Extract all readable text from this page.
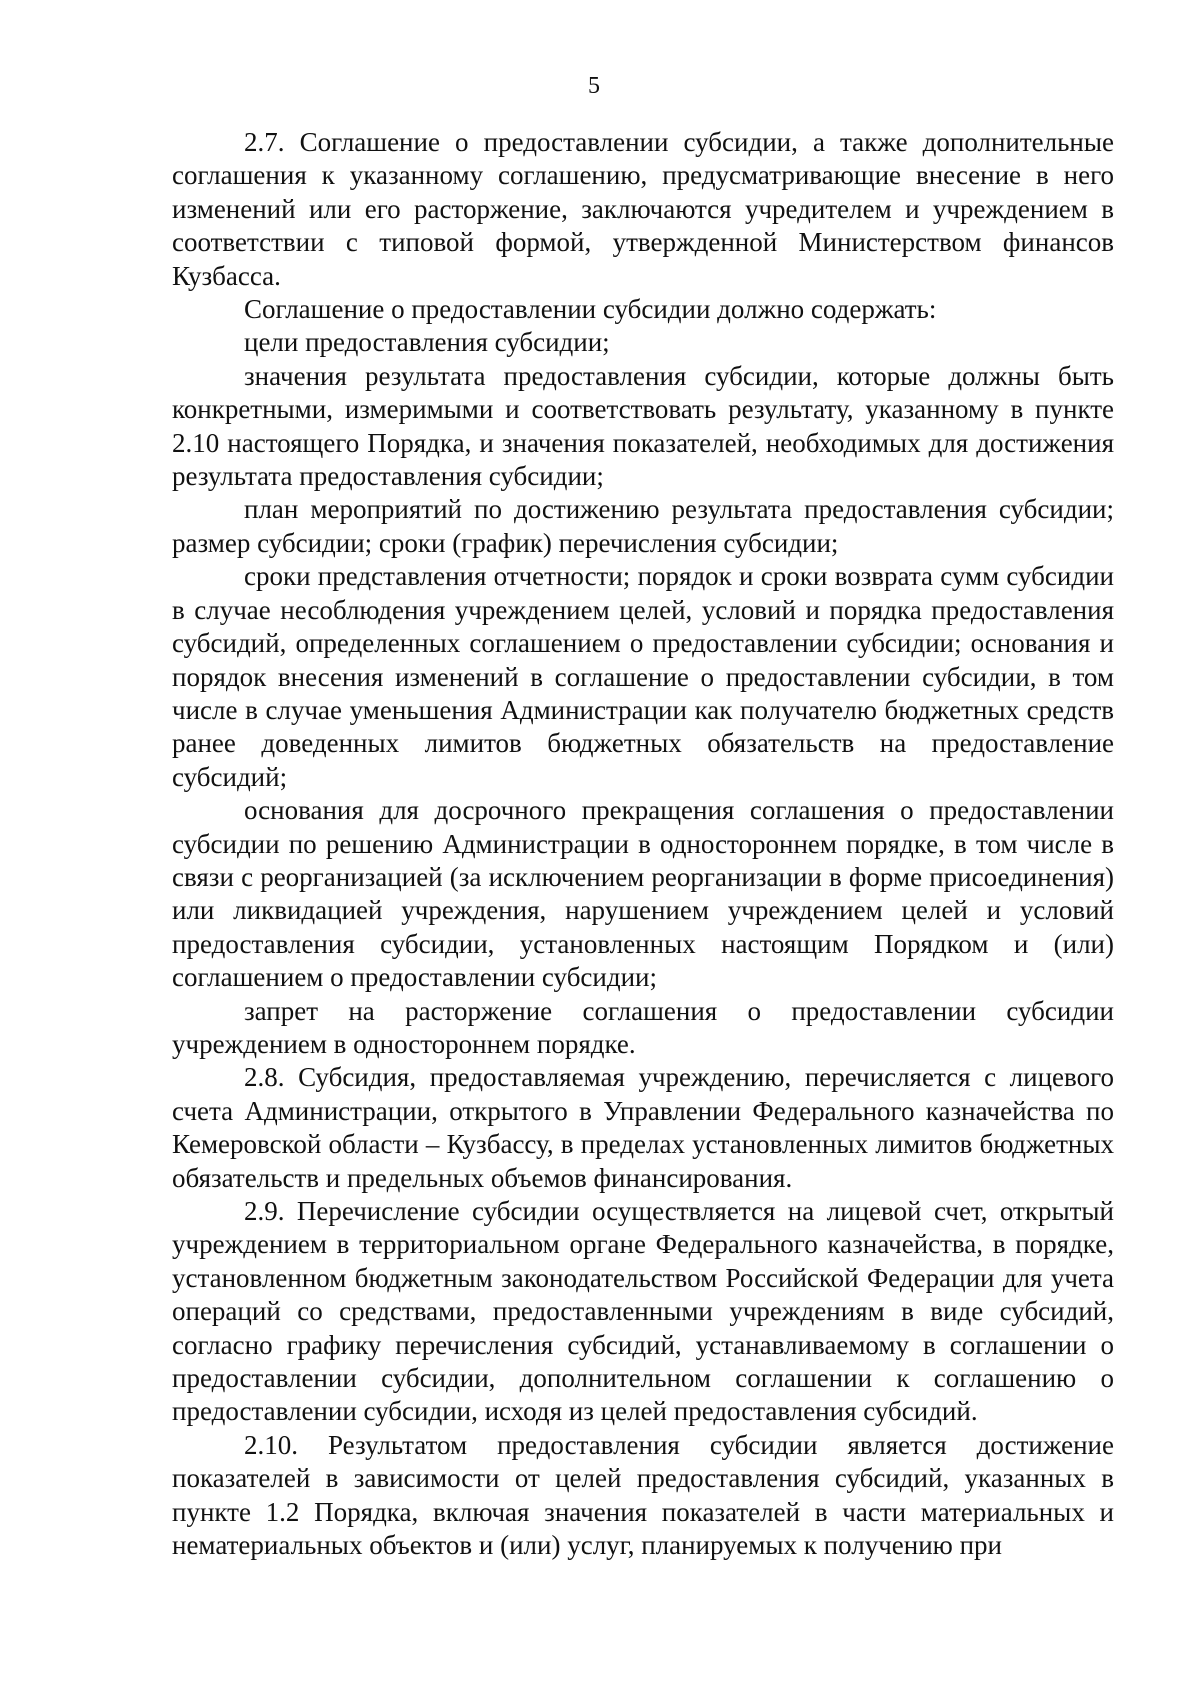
5

2.7. Соглашение о предоставлении субсидии, а также дополнительные соглашения к указанному соглашению, предусматривающие внесение в него изменений или его расторжение, заключаются учредителем и учреждением в соответствии с типовой формой, утвержденной Министерством финансов Кузбасса.

Соглашение о предоставлении субсидии должно содержать:

цели предоставления субсидии;

значения результата предоставления субсидии, которые должны быть конкретными, измеримыми и соответствовать результату, указанному в пункте 2.10 настоящего Порядка, и значения показателей, необходимых для достижения результата предоставления субсидии;

план мероприятий по достижению результата предоставления субсидии; размер субсидии; сроки (график) перечисления субсидии;

сроки представления отчетности; порядок и сроки возврата сумм субсидии в случае несоблюдения учреждением целей, условий и порядка предоставления субсидий, определенных соглашением о предоставлении субсидии; основания и порядок внесения изменений в соглашение о предоставлении субсидии, в том числе в случае уменьшения Администрации как получателю бюджетных средств ранее доведенных лимитов бюджетных обязательств на предоставление субсидий;

основания для досрочного прекращения соглашения о предоставлении субсидии по решению Администрации в одностороннем порядке, в том числе в связи с реорганизацией (за исключением реорганизации в форме присоединения) или ликвидацией учреждения, нарушением учреждением целей и условий предоставления субсидии, установленных настоящим Порядком и (или) соглашением о предоставлении субсидии;

запрет на расторжение соглашения о предоставлении субсидии учреждением в одностороннем порядке.

2.8. Субсидия, предоставляемая учреждению, перечисляется с лицевого счета Администрации, открытого в Управлении Федерального казначейства по Кемеровской области – Кузбассу, в пределах установленных лимитов бюджетных обязательств и предельных объемов финансирования.

2.9. Перечисление субсидии осуществляется на лицевой счет, открытый учреждением в территориальном органе Федерального казначейства, в порядке, установленном бюджетным законодательством Российской Федерации для учета операций со средствами, предоставленными учреждениям в виде субсидий, согласно графику перечисления субсидий, устанавливаемому в соглашении о предоставлении субсидии, дополнительном соглашении к соглашению о предоставлении субсидии, исходя из целей предоставления субсидий.

2.10. Результатом предоставления субсидии является достижение показателей в зависимости от целей предоставления субсидий, указанных в пункте 1.2 Порядка, включая значения показателей в части материальных и нематериальных объектов и (или) услуг, планируемых к получению при
